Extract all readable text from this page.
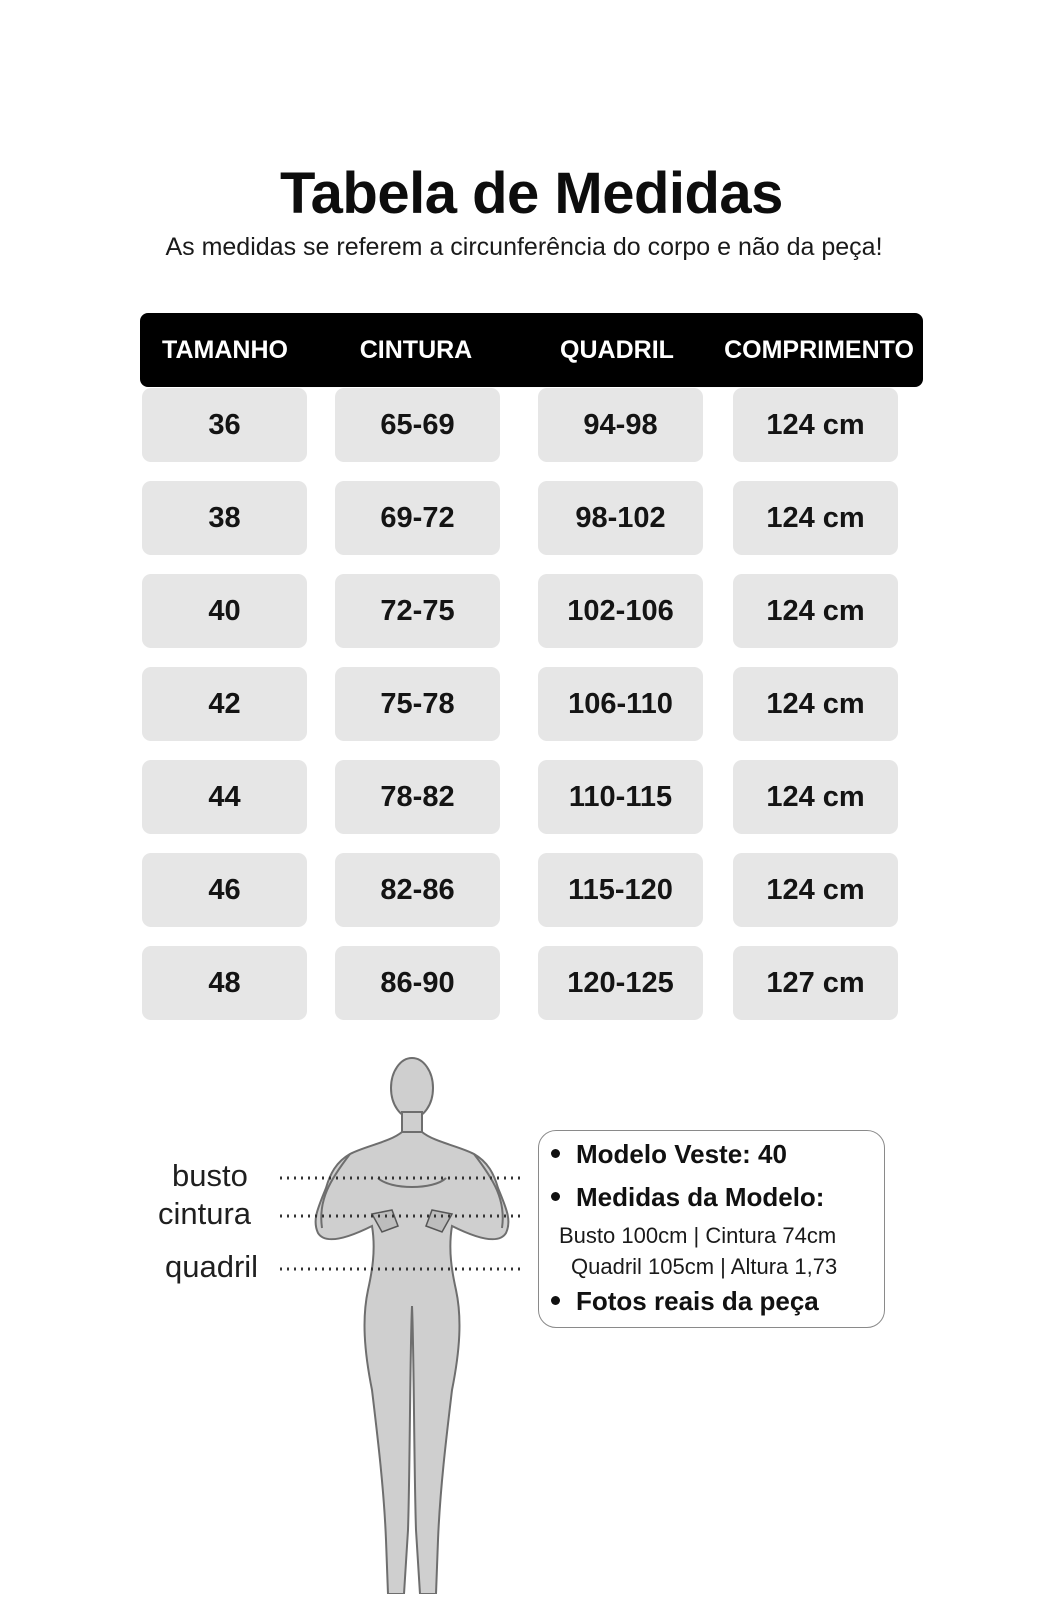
Tabela de Medidas
As medidas se referem a circunferência do corpo e não da peça!
TAMANHO	CINTURA	QUADRIL	COMPRIMENTO
36	65-69	94-98	124 cm
38	69-72	98-102	124 cm
40	72-75	102-106	124 cm
42	75-78	106-110	124 cm
44	78-82	110-115	124 cm
46	82-86	115-120	124 cm
48	86-90	120-125	127 cm
busto
cintura
quadril
Modelo Veste: 40
Medidas da Modelo:
Busto 100cm | Cintura 74cm
Quadril 105cm | Altura 1,73
Fotos reais da peça
